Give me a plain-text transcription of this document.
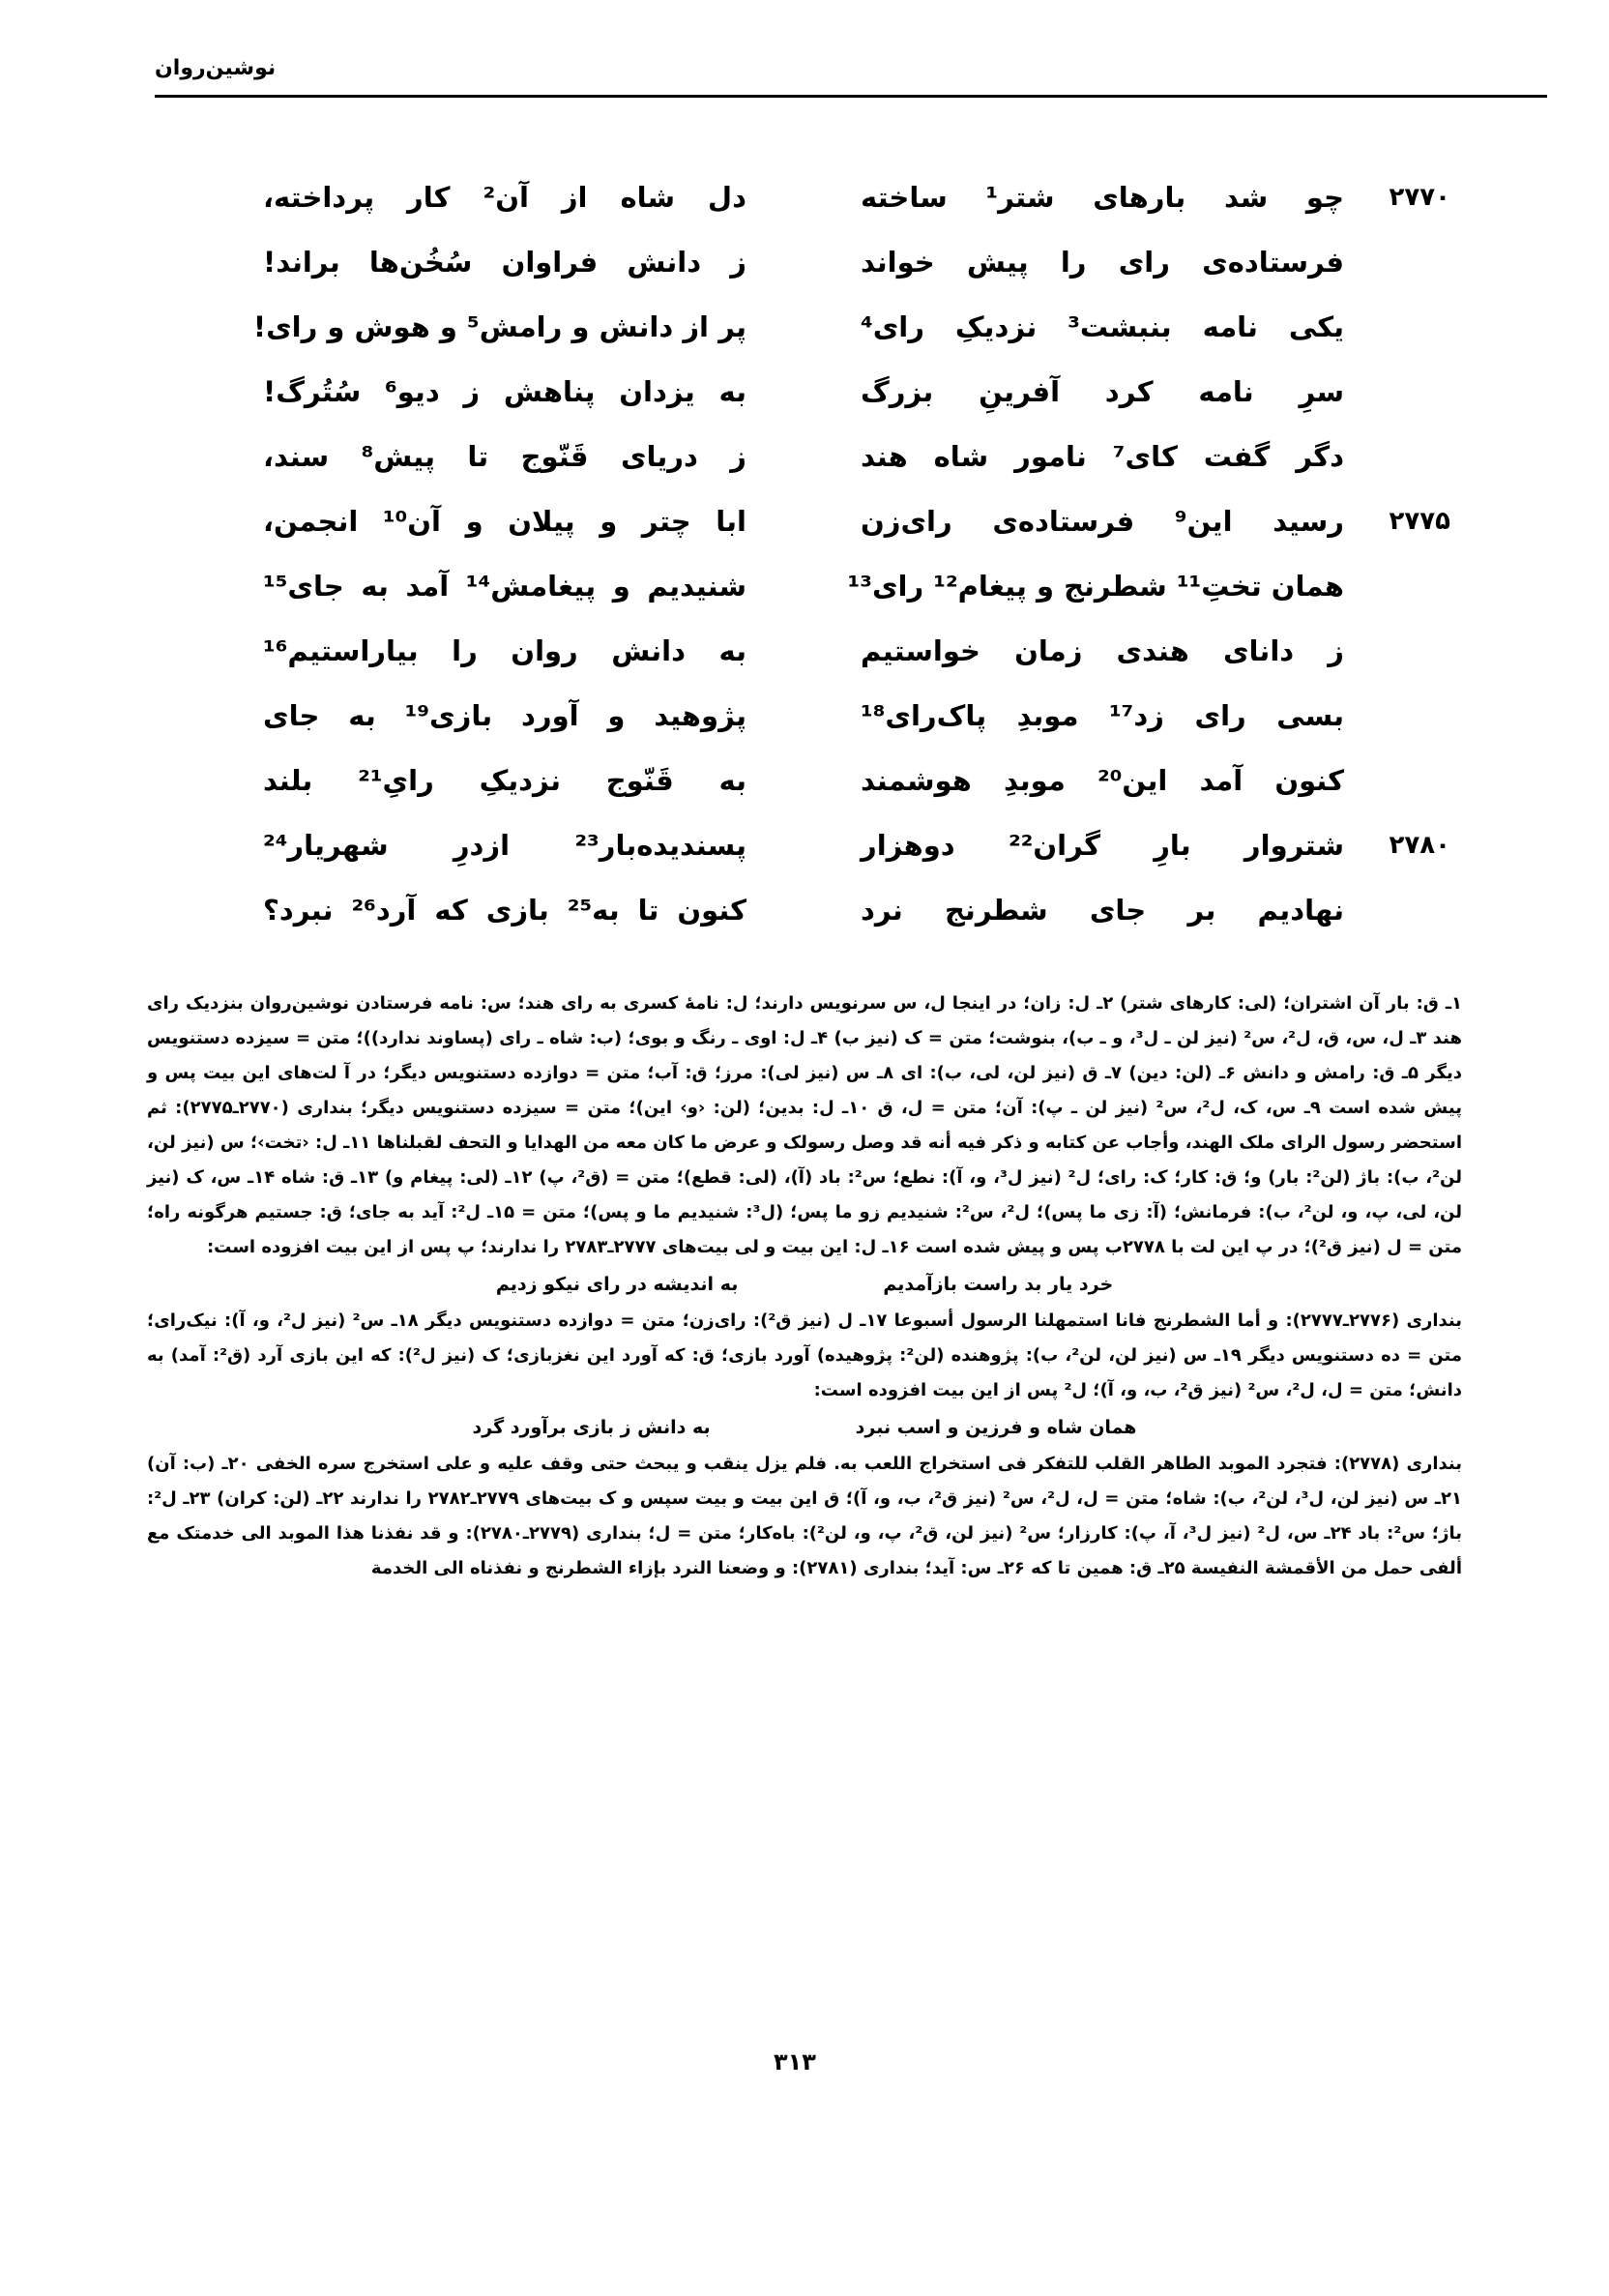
نوشین‌روان
۲۷۷۰
چو شد بارهای شتر¹ ساخته
دل شاه از آن² کار پرداخته،
فرستاده‌ی رای را پیش خواند
ز دانش فراوان سُخُن‌ها براند!
یکی نامه بنبشت³ نزدیکِ رای⁴
پر از دانش و رامش⁵ و هوش و رای!
سرِ نامه کرد آفرینِ بزرگ
به یزدان پناهش ز دیو⁶ سُتُرگ!
دگر گفت کای⁷ نامور شاه هند
ز دریای قَنّوج تا پیش⁸ سند،
۲۷۷۵
رسید این⁹ فرستاده‌ی رای‌زن
ابا چتر و پیلان و آن¹⁰ انجمن،
همان تختِ¹¹ شطرنج و پیغام¹² رای¹³
شنیدیم و پیغامش¹⁴ آمد به جای¹⁵
ز دانای هندی زمان خواستیم
به دانش روان را بیاراستیم¹⁶
بسی رای زد¹⁷ موبدِ پاک‌رای¹⁸
پژوهید و آورد بازی¹⁹ به جای
کنون آمد این²⁰ موبدِ هوشمند
به قَنّوج نزدیکِ رایِ²¹ بلند
۲۷۸۰
شتروار بارِ گران²² دوهزار
پسندیده‌بار²³ ازدرِ شهریار²⁴
نهادیم بر جای شطرنج نرد
کنون تا به²⁵ بازی که آرد²⁶ نبرد؟

۱ـ ق: بار آن اشتران؛ (لی: کارهای شتر) ۲ـ ل: زان؛ در اینجا ل، س سرنویس دارند؛ ل: نامهٔ کسری به رای هند؛ س: نامه فرستادن نوشین‌روان بنزدیک رای هند ۳ـ ل، س، ق، ل²، س² (نیز لن ـ ل³، و ـ ب)، بنوشت؛ متن = ک (نیز ب) ۴ـ ل: اوی ـ رنگ و بوی؛ (ب: شاه ـ رای (پساوند ندارد))؛ متن = سیزده دستنویس دیگر ۵ـ ق: رامش و دانش ۶ـ (لن: دین) ۷ـ ق (نیز لن، لی، ب): ای ۸ـ س (نیز لی): مرز؛ ق: آب؛ متن = دوازده دستنویس دیگر؛ در آ لت‌های این بیت پس و پیش شده است ۹ـ س، ک، ل²، س² (نیز لن ـ پ): آن؛ متن = ل، ق ۱۰ـ ل: بدین؛ (لن: ‹و› این)؛ متن = سیزده دستنویس دیگر؛ بنداری (۲۷۷۰ـ۲۷۷۵): ثم استحضر رسول الرای ملک الهند، وأجاب عن کتابه و ذکر فیه أنه قد وصل رسولک و عرض ما کان معه من الهدایا و التحف لقبلناها ۱۱ـ ل: ‹تخت›؛ س (نیز لن، لن²، ب): باژ (لن²: بار) و؛ ق: کار؛ ک: رای؛ ل² (نیز ل³، و، آ): نطع؛ س²: باد (آ)، (لی: قطع)؛ متن = (ق²، پ) ۱۲ـ (لی: پیغام و) ۱۳ـ ق: شاه ۱۴ـ س، ک (نیز لن، لی، پ، و، لن²، ب): فرمانش؛ (آ: زی ما پس)؛ ل²، س²: شنیدیم زو ما پس؛ (ل³: شنیدیم ما و پس)؛ متن = ۱۵ـ ل²: آید به جای؛ ق: جستیم هرگونه راه؛ متن = ل (نیز ق²)؛ در پ این لت با ۲۷۷۸ب پس و پیش شده است ۱۶ـ ل: این بیت و لی بیت‌های ۲۷۷۷ـ۲۷۸۳ را ندارند؛ پ پس از این بیت افزوده است:

خرد یار بد راست بازآمدیم
به اندیشه در رای نیکو زدیم

بنداری (۲۷۷۶ـ۲۷۷۷): و أما الشطرنج فانا استمهلنا الرسول أسبوعا ۱۷ـ ل (نیز ق²): رای‌زن؛ متن = دوازده دستنویس دیگر ۱۸ـ س² (نیز ل²، و، آ): نیک‌رای؛ متن = ده دستنویس دیگر ۱۹ـ س (نیز لن، لن²، ب): پژوهنده (لن²: پژوهیده) آورد بازی؛ ق: که آورد این نغزبازی؛ ک (نیز ل²): که این بازی آرد (ق²: آمد) به دانش؛ متن = ل، ل²، س² (نیز ق²، ب، و، آ)؛ ل² پس از این بیت افزوده است:

همان شاه و فرزین و اسب نبرد
به دانش ز بازی برآورد گرد

بنداری (۲۷۷۸): فتجرد الموبد الطاهر القلب للتفکر فی استخراج اللعب به. فلم یزل ینقب و یبحث حتی وقف علیه و علی استخرج سره الخفی ۲۰ـ (ب: آن) ۲۱ـ س (نیز لن، ل³، لن²، ب): شاه؛ متن = ل، ل²، س² (نیز ق²، ب، و، آ)؛ ق این بیت و بیت سپس و ک بیت‌های ۲۷۷۹ـ۲۷۸۲ را ندارند ۲۲ـ (لن: کران) ۲۳ـ ل²: باژ؛ س²: باد ۲۴ـ س، ل² (نیز ل³، آ، پ): کارزار؛ س² (نیز لن، ق²، پ، و، لن²): باه‌کار؛ متن = ل؛ بنداری (۲۷۷۹ـ۲۷۸۰): و قد نفذنا هذا الموبد الی خدمتک مع ألفی حمل من الأقمشة النفیسة ۲۵ـ ق: همین تا که ۲۶ـ س: آید؛ بنداری (۲۷۸۱): و وضعنا النرد بإزاء الشطرنج و نفذناه الی الخدمة

۳۱۳
